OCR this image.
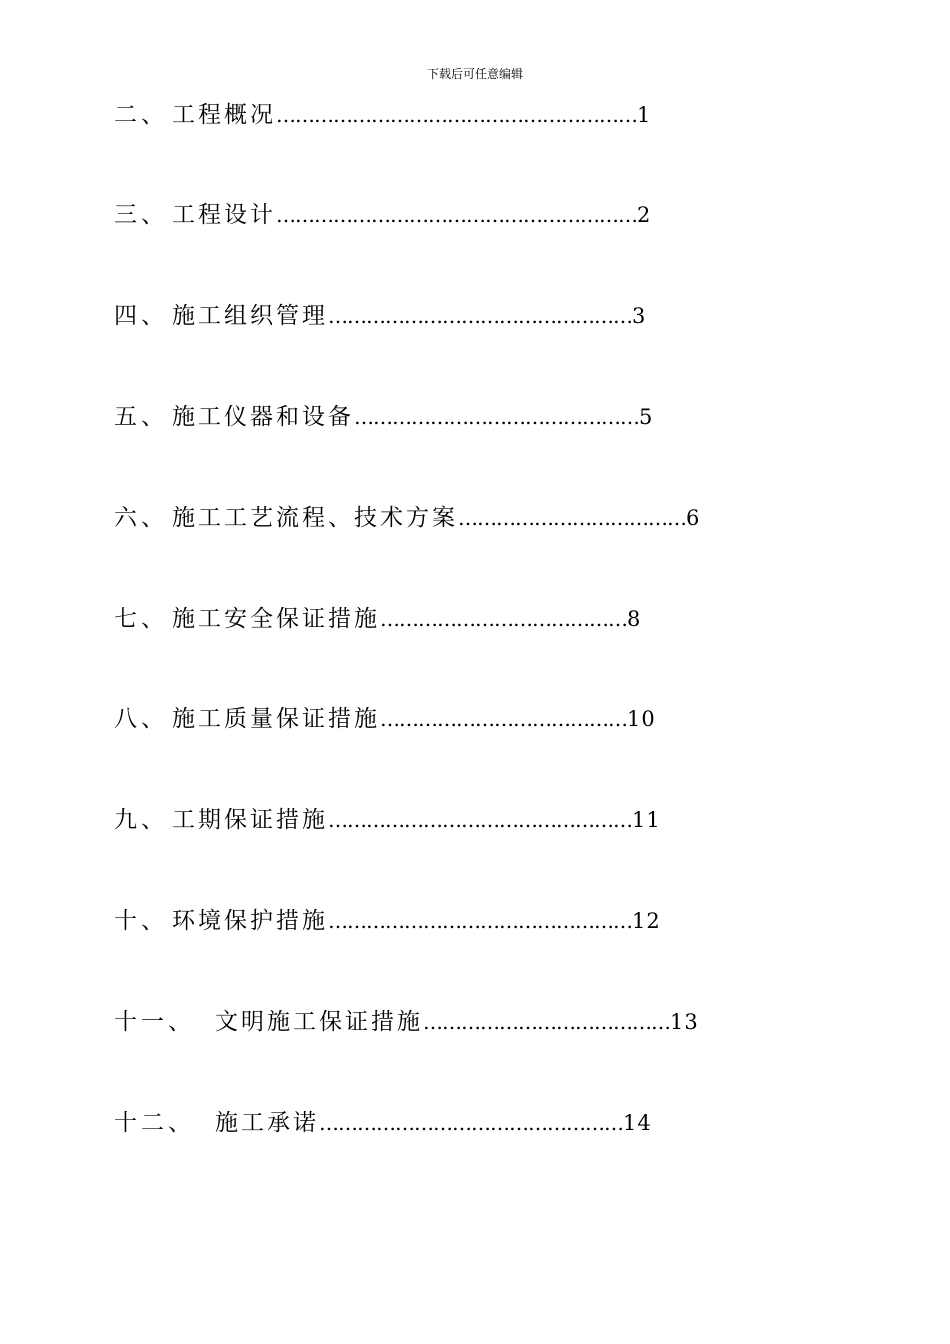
下载后可任意编辑
二、 工程概况…………………………………………………1
三、 工程设计…………………………………………………2
四、 施工组织管理…………………………………………3
五、 施工仪器和设备………………………………………5
六、 施工工艺流程、技术方案………………………………6
七、 施工安全保证措施…………………………………8
八、 施工质量保证措施…………………………………10
九、 工期保证措施…………………………………………11
十、 环境保护措施…………………………………………12
十一、 文明施工保证措施…………………………………13
十二、 施工承诺…………………………………………14
